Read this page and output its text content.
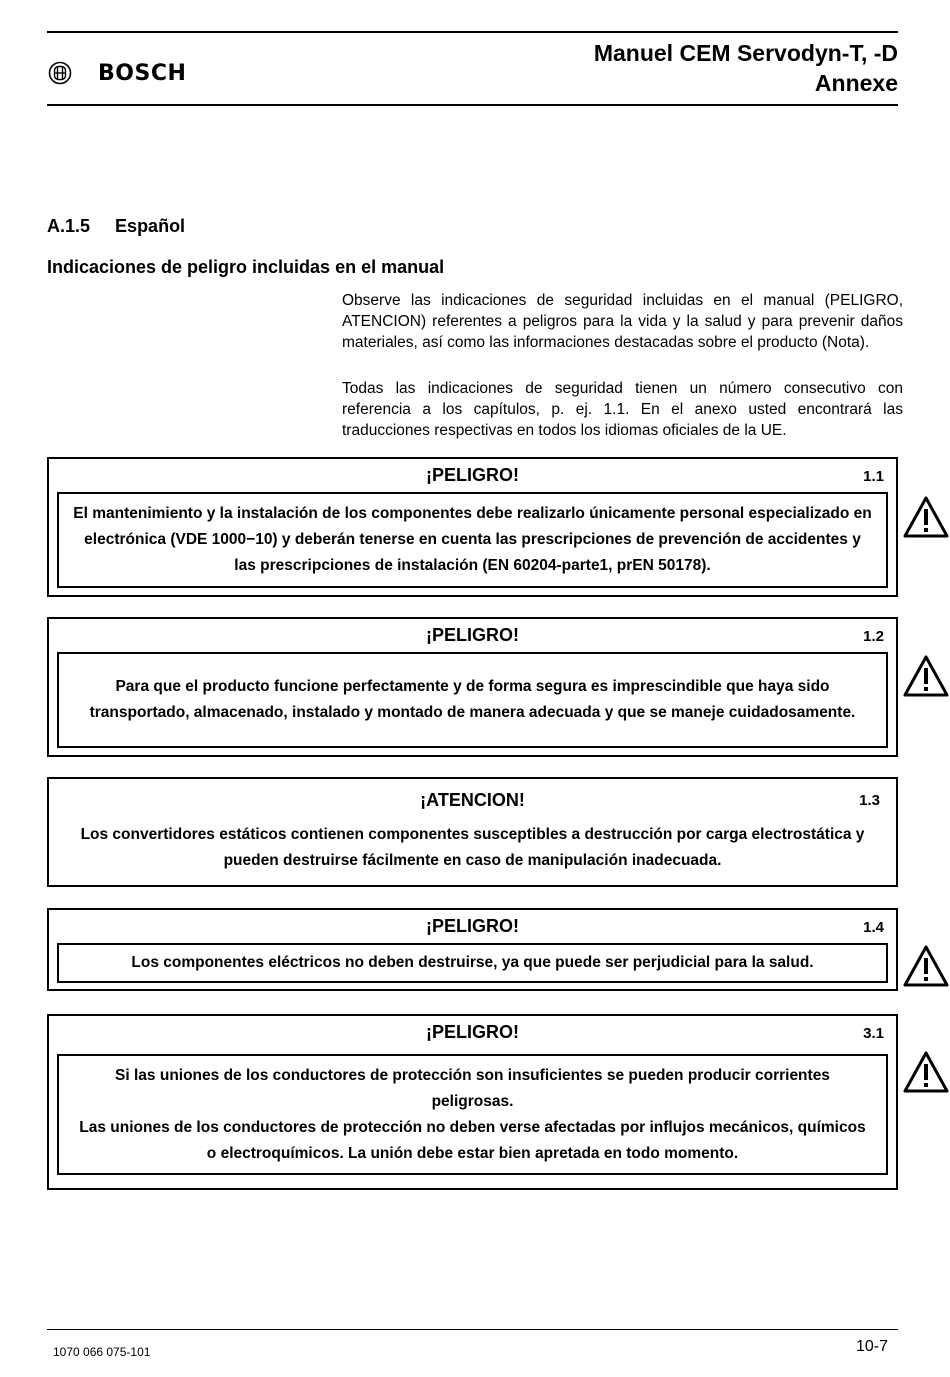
BOSCH
Manuel CEM Servodyn-T, -D
Annexe
A.1.5 Español
Indicaciones de peligro incluidas en el manual
Observe las indicaciones de seguridad incluidas en el manual (PELIGRO, ATENCION) referentes a peligros para la vida y la salud y para prevenir daños materiales, así como las informaciones destacadas sobre el producto (Nota).
Todas las indicaciones de seguridad tienen un número consecutivo con referencia a los capítulos, p. ej. 1.1. En el anexo usted encontrará las traducciones respectivas en todos los idiomas oficiales de la UE.
¡PELIGRO!	1.1
El mantenimiento y la instalación de los componentes debe realizarlo únicamente personal especializado en electrónica (VDE 1000−10) y deberán tenerse en cuenta las prescripciones de prevención de accidentes y las prescripciones de instalación (EN 60204-parte1, prEN 50178).
¡PELIGRO!	1.2
Para que el producto funcione perfectamente y de forma segura es imprescindible que haya sido transportado, almacenado, instalado y montado de manera adecuada y que se maneje cuidadosamente.
¡ATENCION!	1.3
Los convertidores estáticos contienen componentes susceptibles a destrucción por carga electrostática y pueden destruirse fácilmente en caso de manipulación inadecuada.
¡PELIGRO!	1.4
Los componentes eléctricos no deben destruirse, ya que puede ser perjudicial para la salud.
¡PELIGRO!	3.1
Si las uniones de los conductores de protección son insuficientes se pueden producir corrientes peligrosas.
Las uniones de los conductores de protección no deben verse afectadas por influjos mecánicos, químicos o electroquímicos. La unión debe estar bien apretada en todo momento.
1070 066 075-101	10-7
